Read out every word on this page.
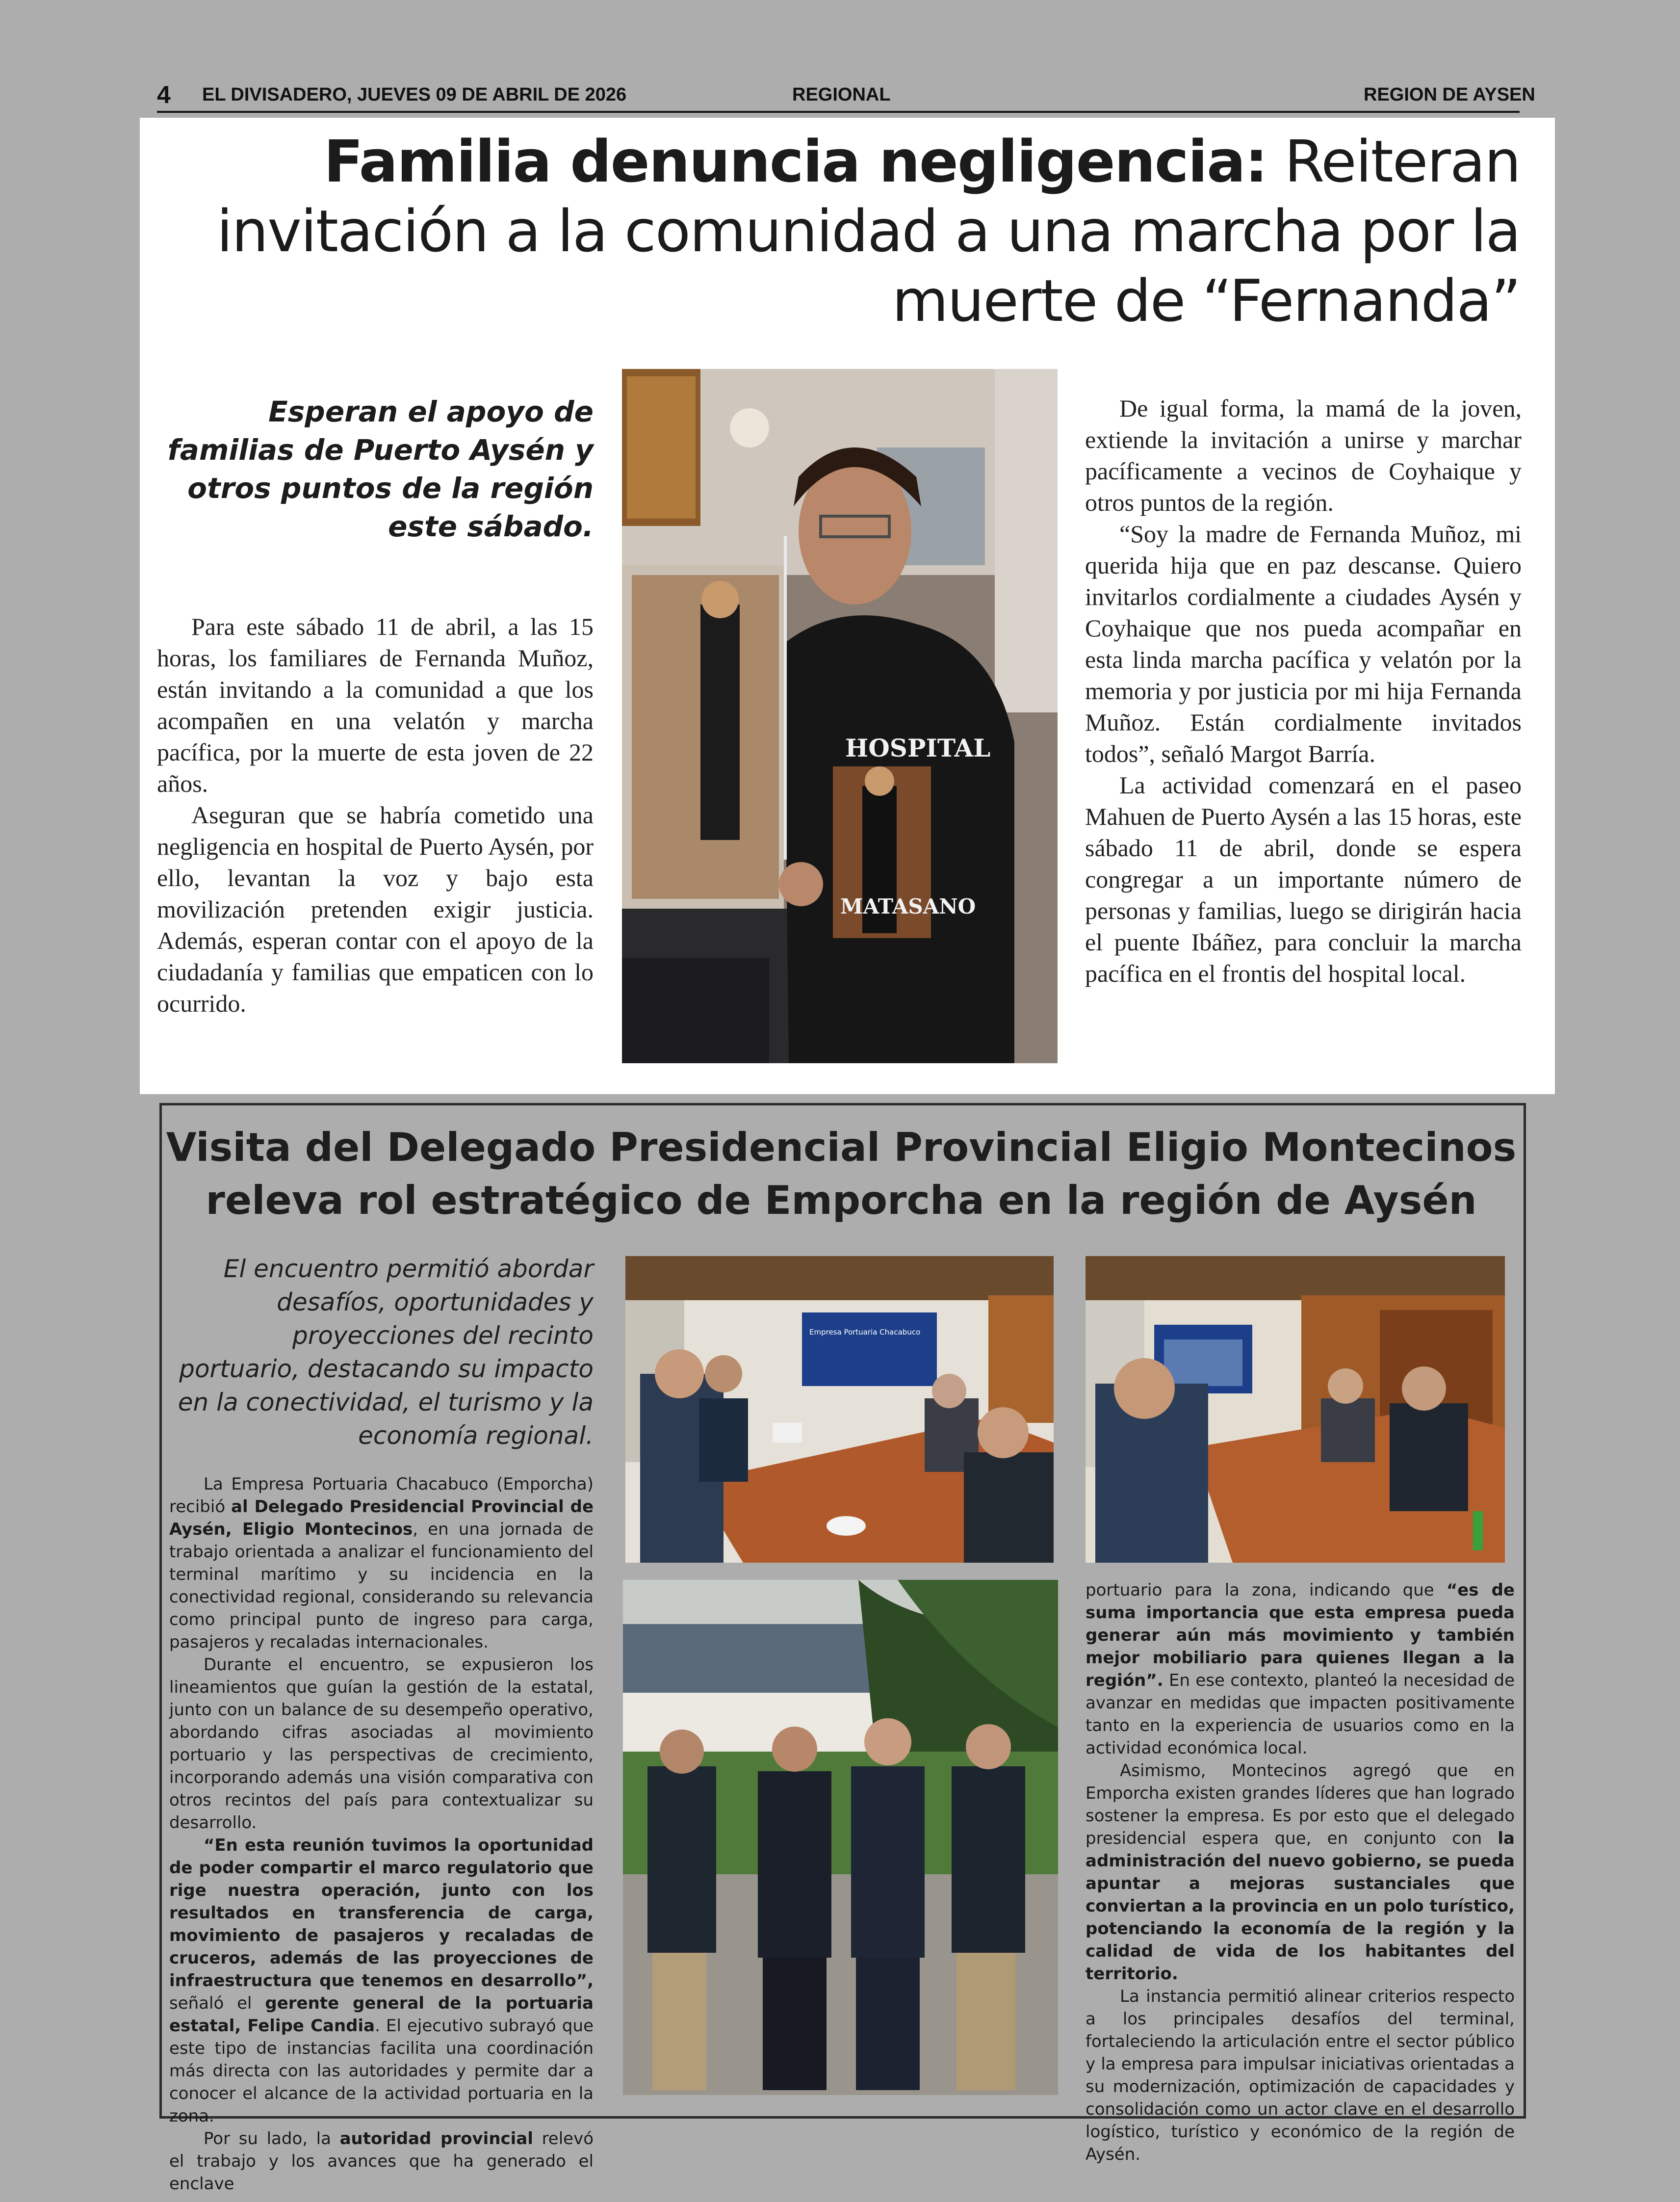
4 EL DIVISADERO, JUEVES 09 DE ABRIL DE 2026	REGIONAL	REGION DE AYSEN
Familia denuncia negligencia: Reiteran invitación a la comunidad a una marcha por la muerte de “Fernanda”
Esperan el apoyo de familias de Puerto Aysén y otros puntos de la región este sábado.

Para este sábado 11 de abril, a las 15 horas, los familiares de Fernanda Muñoz, están invitando a la comunidad a que los acompañen en una velatón y marcha pacífica, por la muerte de esta joven de 22 años.

Aseguran que se habría cometido una negligencia en hospital de Puerto Aysén, por ello, levantan la voz y bajo esta movilización pretenden exigir justicia. Además, esperan contar con el apoyo de la ciudadanía y familias que empaticen con lo ocurrido.

HOSPITAL
MATASANO

De igual forma, la mamá de la joven, extiende la invitación a unirse y marchar pacíficamente a vecinos de Coyhaique y otros puntos de la región.

“Soy la madre de Fernanda Muñoz, mi querida hija que en paz descanse. Quiero invitarlos cordialmente a ciudades Aysén y Coyhaique que nos pueda acompañar en esta linda marcha pacífica y velatón por la memoria y por justicia por mi hija Fernanda Muñoz. Están cordialmente invitados todos”, señaló Margot Barría.

La actividad comenzará en el paseo Mahuen de Puerto Aysén a las 15 horas, este sábado 11 de abril, donde se espera congregar a un importante número de personas y familias, luego se dirigirán hacia el puente Ibáñez, para concluir la marcha pacífica en el frontis del hospital local.

Visita del Delegado Presidencial Provincial Eligio Montecinos releva rol estratégico de Emporcha en la región de Aysén
El encuentro permitió abordar desafíos, oportunidades y proyecciones del recinto portuario, destacando su impacto en la conectividad, el turismo y la economía regional.

La Empresa Portuaria Chacabuco (Emporcha) recibió al Delegado Presidencial Provincial de Aysén, Eligio Montecinos, en una jornada de trabajo orientada a analizar el funcionamiento del terminal marítimo y su incidencia en la conectividad regional, considerando su relevancia como principal punto de ingreso para carga, pasajeros y recaladas internacionales.

Durante el encuentro, se expusieron los lineamientos que guían la gestión de la estatal, junto con un balance de su desempeño operativo, abordando cifras asociadas al movimiento portuario y las perspectivas de crecimiento, incorporando además una visión comparativa con otros recintos del país para contextualizar su desarrollo.

“En esta reunión tuvimos la oportunidad de poder compartir el marco regulatorio que rige nuestra operación, junto con los resultados en transferencia de carga, movimiento de pasajeros y recaladas de cruceros, además de las proyecciones de infraestructura que tenemos en desarrollo”, señaló el gerente general de la portuaria estatal, Felipe Candia. El ejecutivo subrayó que este tipo de instancias facilita una coordinación más directa con las autoridades y permite dar a conocer el alcance de la actividad portuaria en la zona.

Por su lado, la autoridad provincial relevó el trabajo y los avances que ha generado el enclave

Empresa Portuaria Chacabuco

portuario para la zona, indicando que “es de suma importancia que esta empresa pueda generar aún más movimiento y también mejor mobiliario para quienes llegan a la región”. En ese contexto, planteó la necesidad de avanzar en medidas que impacten positivamente tanto en la experiencia de usuarios como en la actividad económica local.

Asimismo, Montecinos agregó que en Emporcha existen grandes líderes que han logrado sostener la empresa. Es por esto que el delegado presidencial espera que, en conjunto con la administración del nuevo gobierno, se pueda apuntar a mejoras sustanciales que conviertan a la provincia en un polo turístico, potenciando la economía de la región y la calidad de vida de los habitantes del territorio.

La instancia permitió alinear criterios respecto a los principales desafíos del terminal, fortaleciendo la articulación entre el sector público y la empresa para impulsar iniciativas orientadas a su modernización, optimización de capacidades y consolidación como un actor clave en el desarrollo logístico, turístico y económico de la región de Aysén.
